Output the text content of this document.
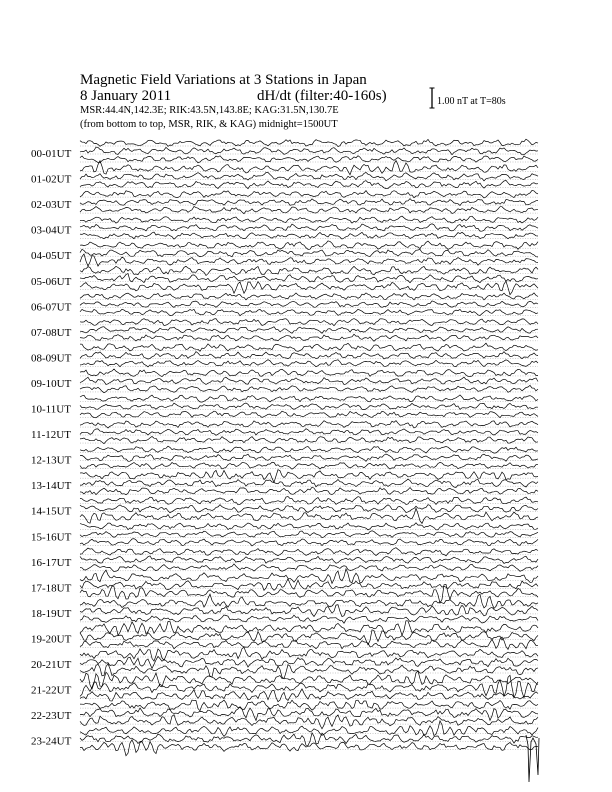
Magnetic Field Variations at 3 Stations in Japan
8 January 2011	dH/dt (filter:40-160s)
MSR:44.4N,142.3E; RIK:43.5N,143.8E; KAG:31.5N,130.7E
(from bottom to top, MSR, RIK, & KAG) midnight=1500UT
1.00 nT at T=80s
00-01UT
01-02UT
02-03UT
03-04UT
04-05UT
05-06UT
06-07UT
07-08UT
08-09UT
09-10UT
10-11UT
11-12UT
12-13UT
13-14UT
14-15UT
15-16UT
16-17UT
17-18UT
18-19UT
19-20UT
20-21UT
21-22UT
22-23UT
23-24UT
